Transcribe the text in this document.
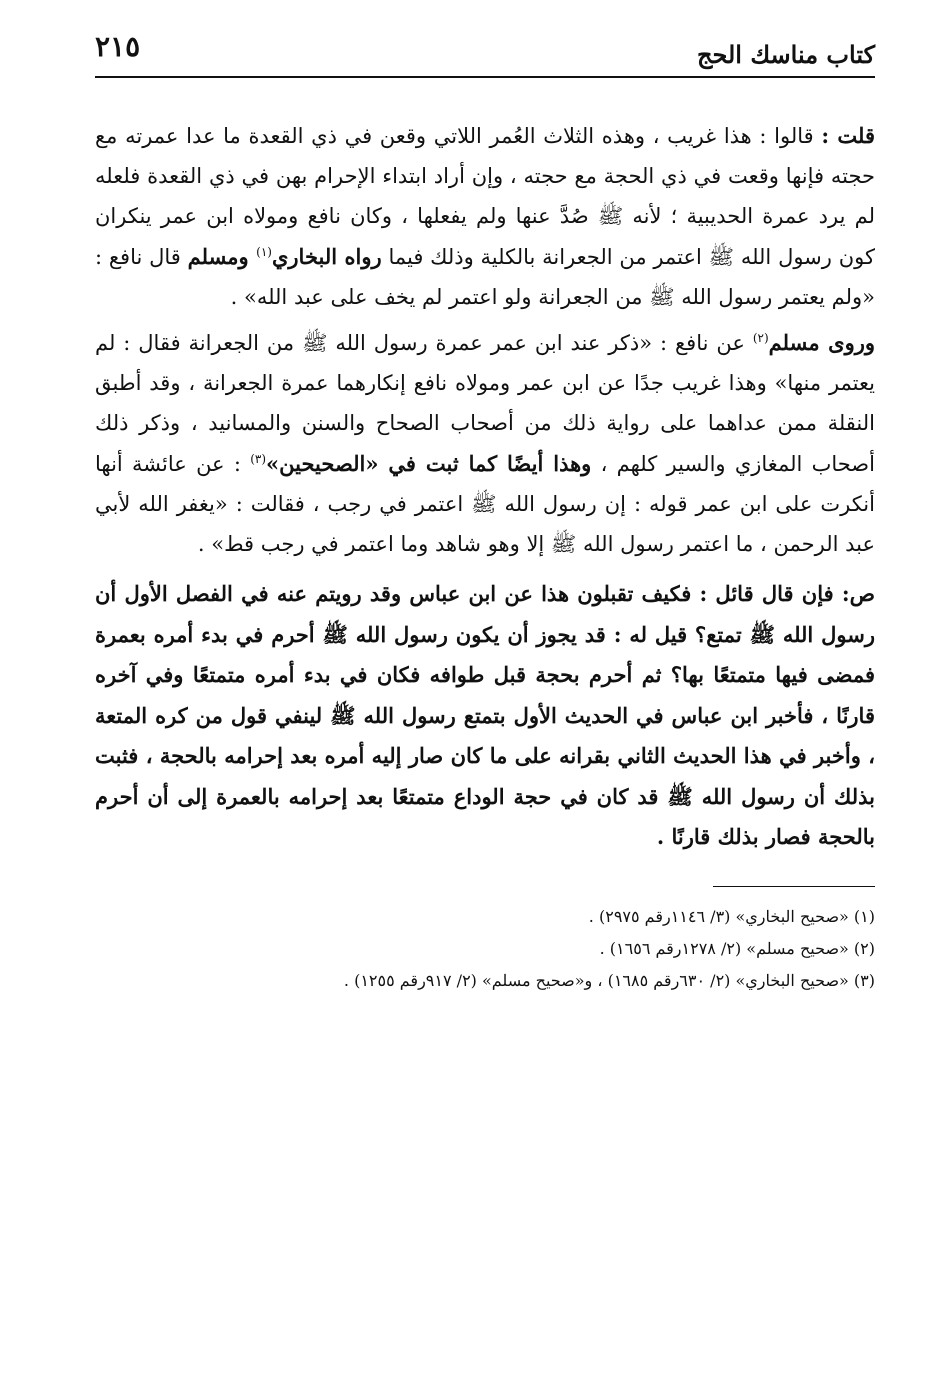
كتاب مناسك الحج
٢١٥

قلت : قالوا : هذا غريب ، وهذه الثلاث العُمر اللاتي وقعن في ذي القعدة ما عدا عمرته مع حجته فإنها وقعت في ذي الحجة مع حجته ، وإن أراد ابتداء الإحرام بهن في ذي القعدة فلعله لم يرد عمرة الحديبية ؛ لأنه ﷺ صُدَّ عنها ولم يفعلها ، وكان نافع ومولاه ابن عمر ينكران كون رسول الله ﷺ اعتمر من الجعرانة بالكلية وذلك فيما رواه البخاري$^{(١)}$ ومسلم قال نافع : «ولم يعتمر رسول الله ﷺ من الجعرانة ولو اعتمر لم يخف على عبد الله» .

وروى مسلم$^{(٢)}$ عن نافع : «ذكر عند ابن عمر عمرة رسول الله ﷺ من الجعرانة فقال : لم يعتمر منها» وهذا غريب جدًا عن ابن عمر ومولاه نافع إنكارهما عمرة الجعرانة ، وقد أطبق النقلة ممن عداهما على رواية ذلك من أصحاب الصحاح والسنن والمسانيد ، وذكر ذلك أصحاب المغازي والسير كلهم ، وهذا أيضًا كما ثبت في «الصحيحين»$^{(٣)}$ : عن عائشة أنها أنكرت على ابن عمر قوله : إن رسول الله ﷺ اعتمر في رجب ، فقالت : «يغفر الله لأبي عبد الرحمن ، ما اعتمر رسول الله ﷺ إلا وهو شاهد وما اعتمر في رجب قط» .

ص: فإن قال قائل : فكيف تقبلون هذا عن ابن عباس وقد رويتم عنه في الفصل الأول أن رسول الله ﷺ تمتع؟ قيل له : قد يجوز أن يكون رسول الله ﷺ أحرم في بدء أمره بعمرة فمضى فيها متمتعًا بها؟ ثم أحرم بحجة قبل طوافه فكان في بدء أمره متمتعًا وفي آخره قارنًا ، فأخبر ابن عباس في الحديث الأول بتمتع رسول الله ﷺ لينفي قول من كره المتعة ، وأخبر في هذا الحديث الثاني بقرانه على ما كان صار إليه أمره بعد إحرامه بالحجة ، فثبت بذلك أن رسول الله ﷺ قد كان في حجة الوداع متمتعًا بعد إحرامه بالعمرة إلى أن أحرم بالحجة فصار بذلك قارنًا .

(١) «صحيح البخاري» (٣/ ١١٤٦رقم ٢٩٧٥) .

(٢) «صحيح مسلم» (٢/ ١٢٧٨رقم ١٦٥٦) .

(٣) «صحيح البخاري» (٢/ ٦٣٠رقم ١٦٨٥) ، و«صحيح مسلم» (٢/ ٩١٧رقم ١٢٥٥) .
